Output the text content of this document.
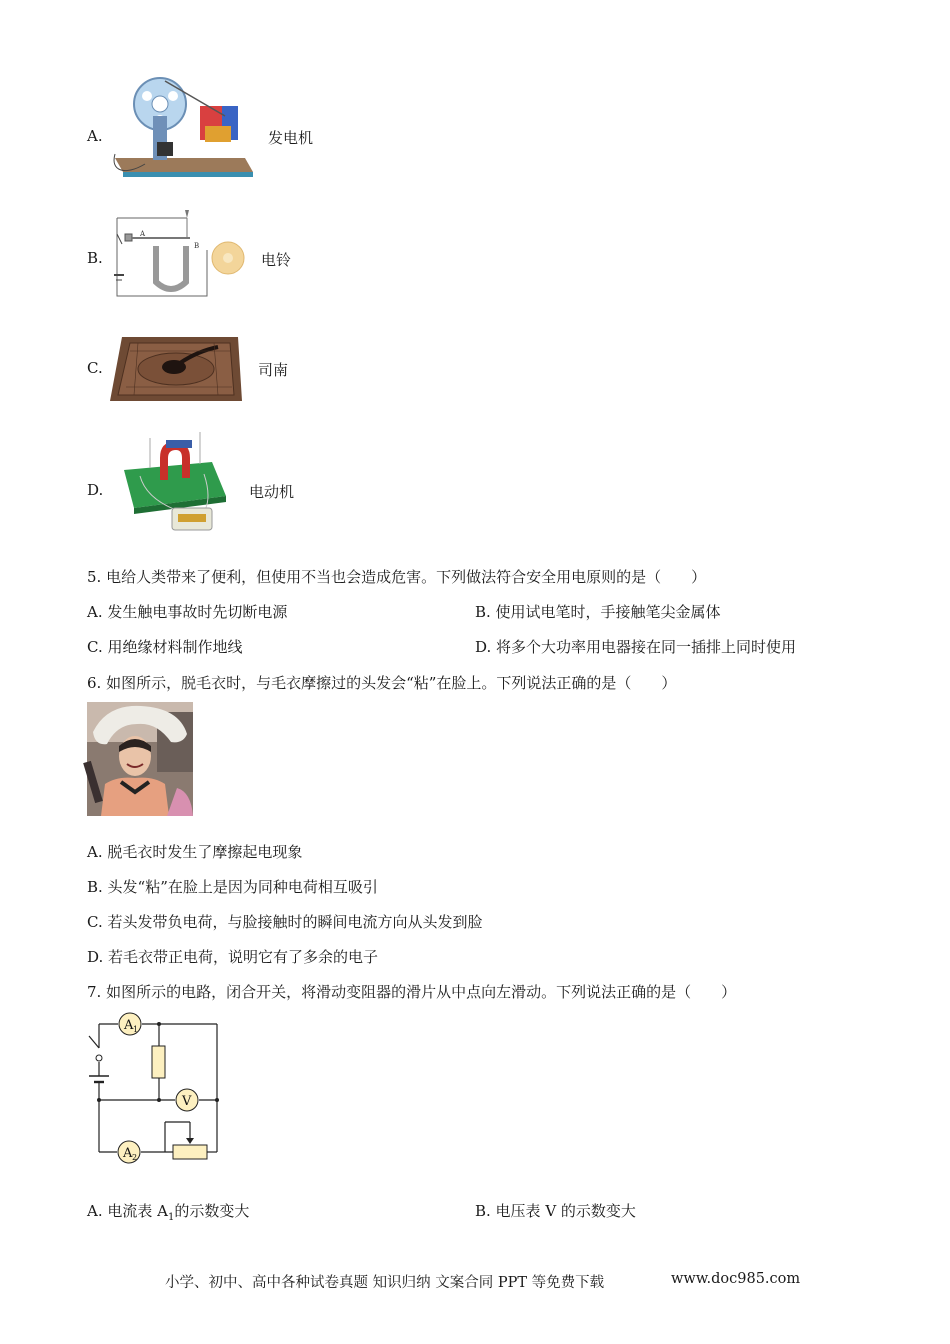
A.	发电机
B.	电铃
A
B
C.	司南
D.	电动机
5. 电给人类带来了便利，但使用不当也会造成危害。下列做法符合安全用电原则的是（　　）
A. 发生触电事故时先切断电源	B. 使用试电笔时，手接触笔尖金属体
C. 用绝缘材料制作地线	D. 将多个大功率用电器接在同一插排上同时使用
6. 如图所示，脱毛衣时，与毛衣摩擦过的头发会“粘”在脸上。下列说法正确的是（　　）
A. 脱毛衣时发生了摩擦起电现象
B. 头发“粘”在脸上是因为同种电荷相互吸引
C. 若头发带负电荷，与脸接触时的瞬间电流方向从头发到脸
D. 若毛衣带正电荷，说明它有了多余的电子
7. 如图所示的电路，闭合开关，将滑动变阻器的滑片从中点向左滑动。下列说法正确的是（　　）
A 1
V
A 2
A. 电流表 $A_1$的示数变大	B. 电压表 V 的示数变大
小学、初中、高中各种试卷真题 知识归纳 文案合同 PPT 等免费下载	www.doc985.com
